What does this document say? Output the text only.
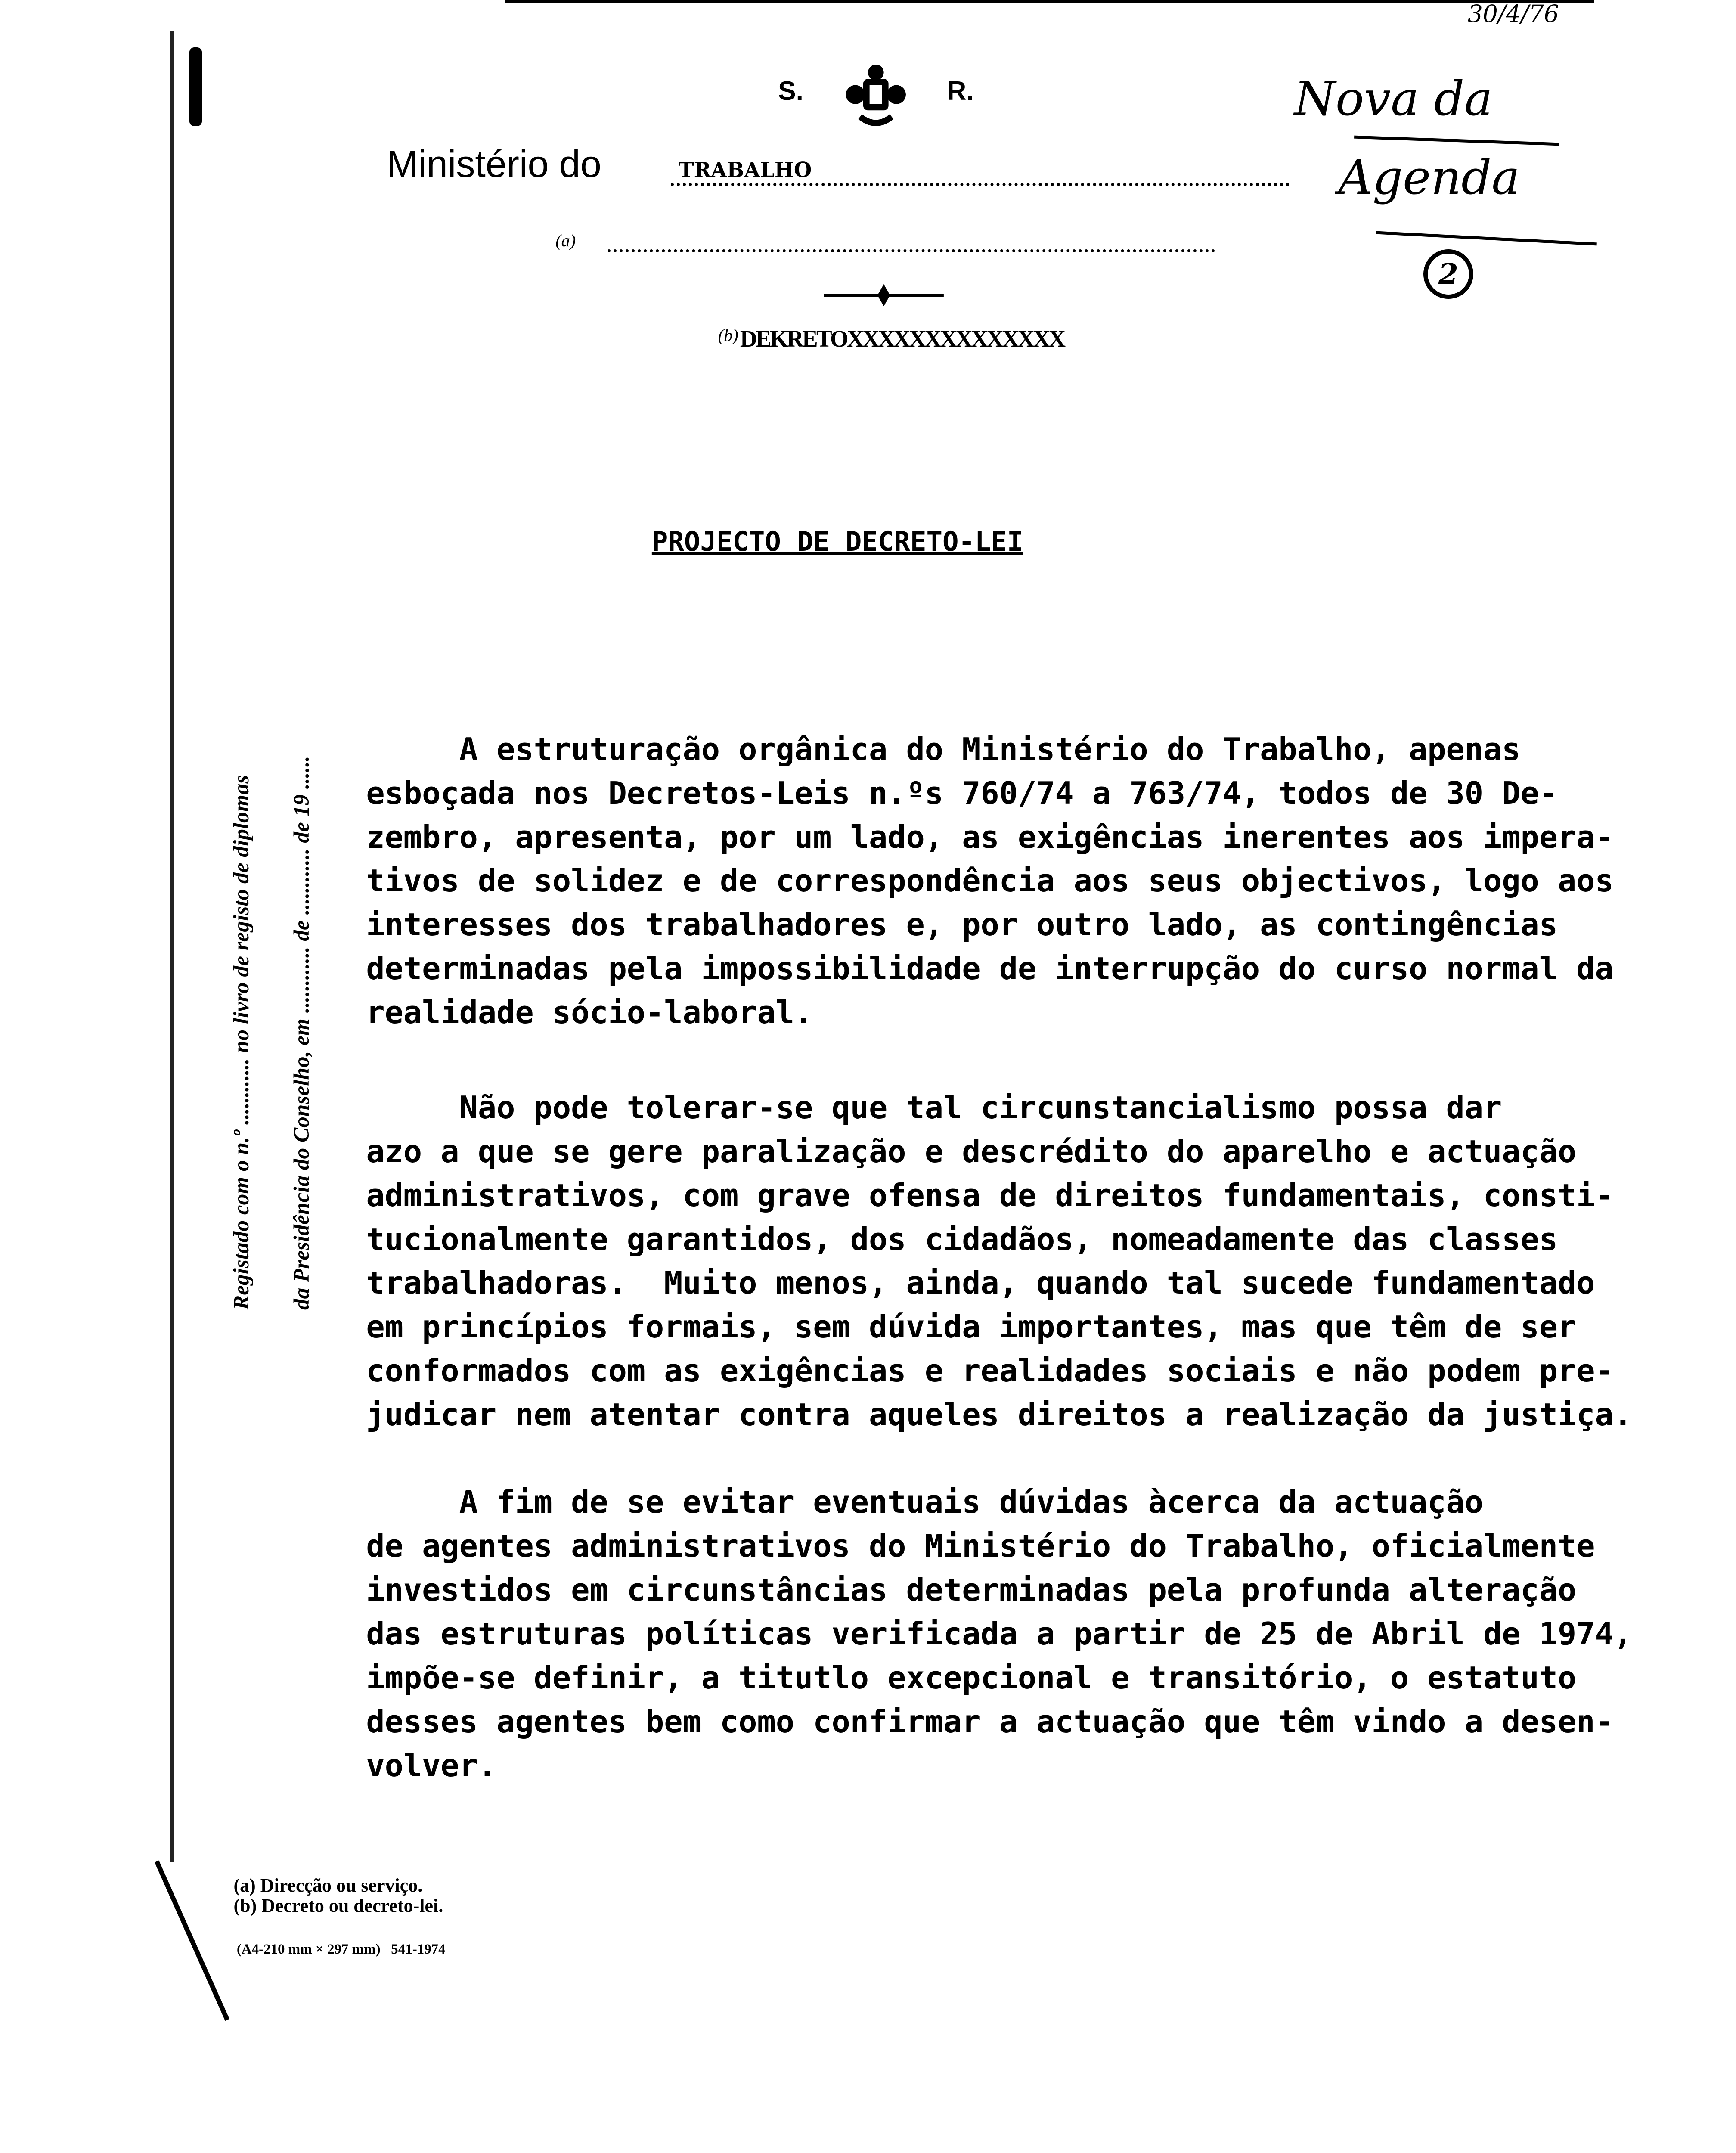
S.	R.
Ministério do	TRABALHO
(a)
(b) DEKRETOXXXXXXXXXXXXXX
30/4/76
Nova da
Agenda
2
Registado com o n.º ............ no livro de registo de diplomas da Presidência do Conselho, em ............ de ............ de 19 ......
PROJECTO DE DECRETO-LEI
A estruturação orgânica do Ministério do Trabalho, apenas
esboçada nos Decretos-Leis n.ºs 760/74 a 763/74, todos de 30 De-
zembro, apresenta, por um lado, as exigências inerentes aos impera-
tivos de solidez e de correspondência aos seus objectivos, logo aos
interesses dos trabalhadores e, por outro lado, as contingências
determinadas pela impossibilidade de interrupção do curso normal da
realidade sócio-laboral.
Não pode tolerar-se que tal circunstancialismo possa dar
azo a que se gere paralização e descrédito do aparelho e actuação
administrativos, com grave ofensa de direitos fundamentais, consti-
tucionalmente garantidos, dos cidadãos, nomeadamente das classes
trabalhadoras.  Muito menos, ainda, quando tal sucede fundamentado
em princípios formais, sem dúvida importantes, mas que têm de ser
conformados com as exigências e realidades sociais e não podem pre-
judicar nem atentar contra aqueles direitos a realização da justiça.
A fim de se evitar eventuais dúvidas àcerca da actuação
de agentes administrativos do Ministério do Trabalho, oficialmente
investidos em circunstâncias determinadas pela profunda alteração
das estruturas políticas verificada a partir de 25 de Abril de 1974,
impõe-se definir, a titutlo excepcional e transitório, o estatuto
desses agentes bem como confirmar a actuação que têm vindo a desen-
volver.
(a) Direcção ou serviço.
(b) Decreto ou decreto-lei.
(A4-210 mm × 297 mm)   541-1974
